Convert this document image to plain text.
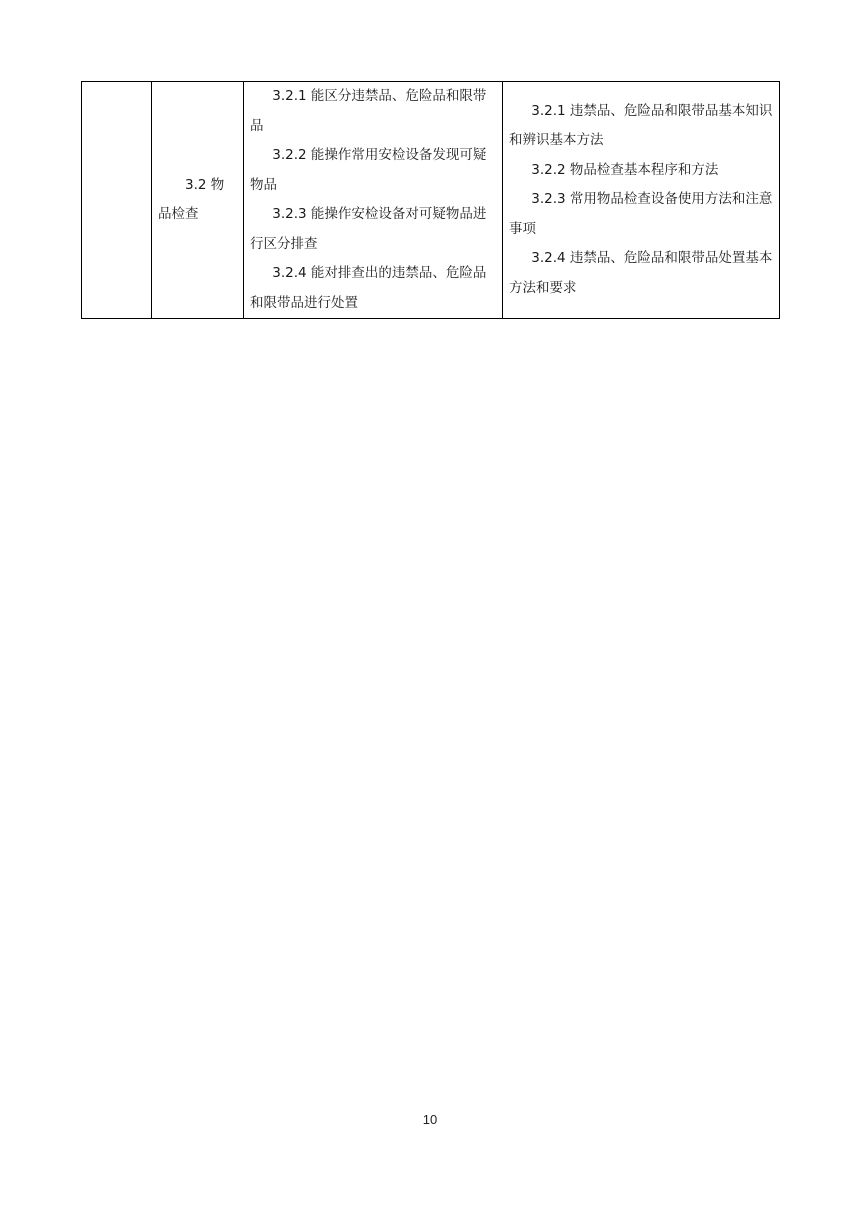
3.2 物品检查

3.2.1 能区分违禁品、危险品和限带品
3.2.2 能操作常用安检设备发现可疑物品
3.2.3 能操作安检设备对可疑物品进行区分排查
3.2.4 能对排查出的违禁品、危险品和限带品进行处置

3.2.1 违禁品、危险品和限带品基本知识和辨识基本方法
3.2.2 物品检查基本程序和方法
3.2.3 常用物品检查设备使用方法和注意事项
3.2.4 违禁品、危险品和限带品处置基本方法和要求
10
